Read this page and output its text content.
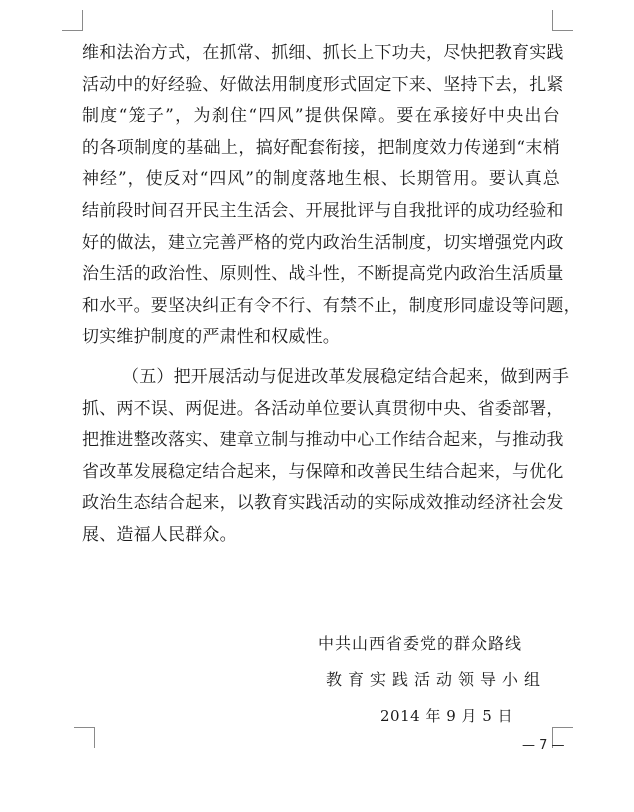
维和法治方式，在抓常、抓细、抓长上下功夫，尽快把教育实践
活动中的好经验、好做法用制度形式固定下来、坚持下去，扎紧
制度“笼子”，为刹住“四风”提供保障。要在承接好中央出台
的各项制度的基础上，搞好配套衔接，把制度效力传递到“末梢
神经”，使反对“四风”的制度落地生根、长期管用。要认真总
结前段时间召开民主生活会、开展批评与自我批评的成功经验和
好的做法，建立完善严格的党内政治生活制度，切实增强党内政
治生活的政治性、原则性、战斗性，不断提高党内政治生活质量
和水平。要坚决纠正有令不行、有禁不止，制度形同虚设等问题，
切实维护制度的严肃性和权威性。
（五）把开展活动与促进改革发展稳定结合起来，做到两手
抓、两不误、两促进。各活动单位要认真贯彻中央、省委部署，
把推进整改落实、建章立制与推动中心工作结合起来，与推动我
省改革发展稳定结合起来，与保障和改善民生结合起来，与优化
政治生态结合起来，以教育实践活动的实际成效推动经济社会发
展、造福人民群众。
中共山西省委党的群众路线
教育实践活动领导小组
2014 年 9 月 5 日
— 7 —
